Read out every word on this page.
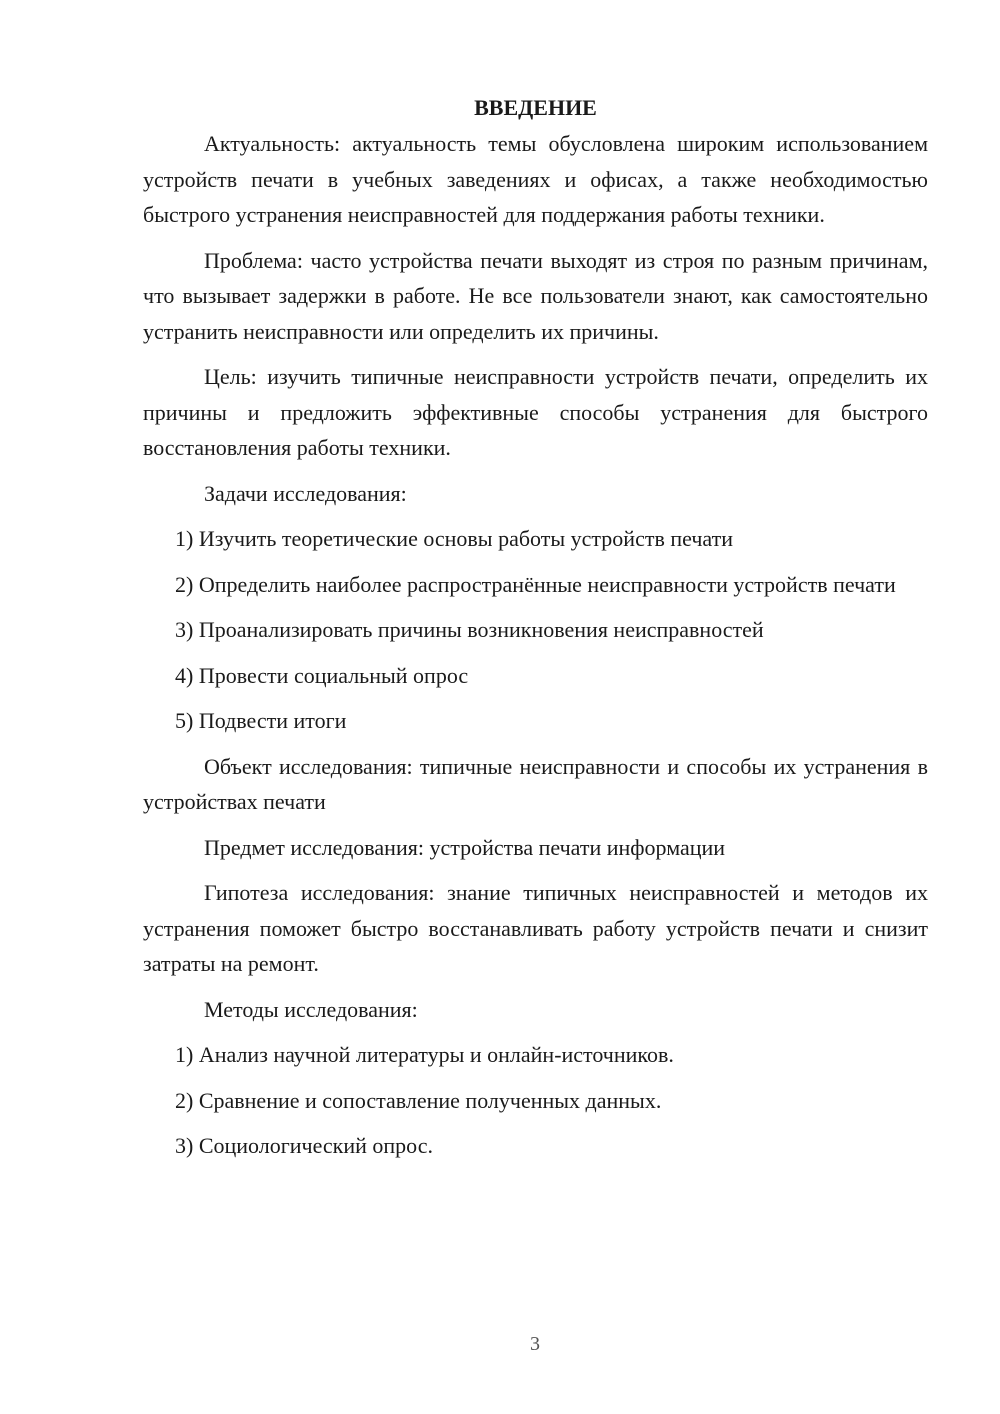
ВВЕДЕНИЕ

Актуальность: актуальность темы обусловлена широким использованием устройств печати в учебных заведениях и офисах, а также необходимостью быстрого устранения неисправностей для поддержания работы техники.

Проблема: часто устройства печати выходят из строя по разным причинам, что вызывает задержки в работе. Не все пользователи знают, как самостоятельно устранить неисправности или определить их причины.

Цель: изучить типичные неисправности устройств печати, определить их причины и предложить эффективные способы устранения для быстрого восстановления работы техники.

Задачи исследования:

1) Изучить теоретические основы работы устройств печати

2) Определить наиболее распространённые неисправности устройств печати

3) Проанализировать причины возникновения неисправностей

4) Провести социальный опрос

5) Подвести итоги

Объект исследования: типичные неисправности и способы их устранения в устройствах печати

Предмет исследования: устройства печати информации

Гипотеза исследования: знание типичных неисправностей и методов их устранения поможет быстро восстанавливать работу устройств печати и снизит затраты на ремонт.

Методы исследования:

1) Анализ научной литературы и онлайн-источников.

2) Сравнение и сопоставление полученных данных.

3) Социологический опрос.

3
